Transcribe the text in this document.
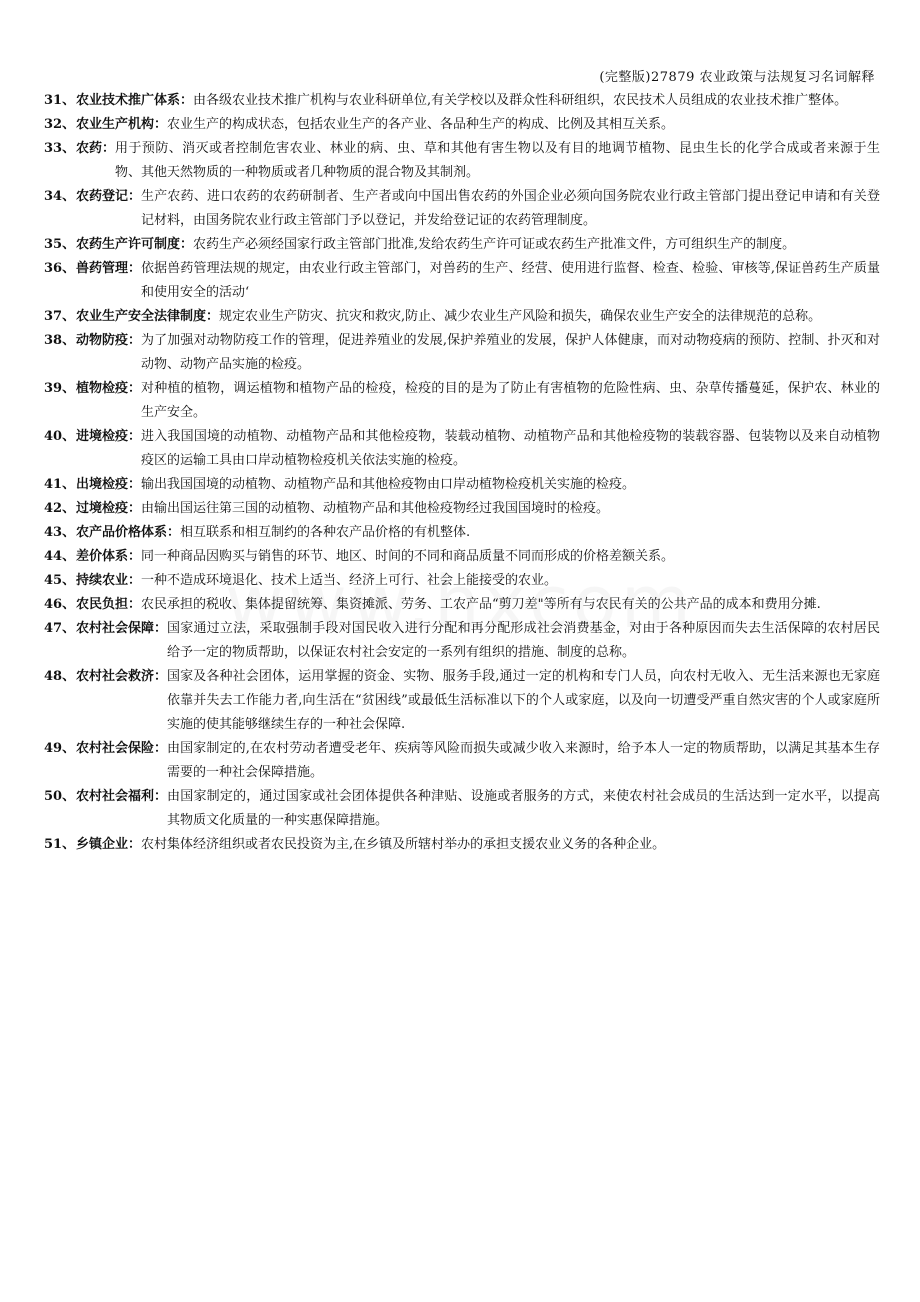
(完整版)27879 农业政策与法规复习名词解释
31、 农业技术推广体系 ： 由各级农业技术推广机构与农业科研单位,有关学校以及群众性科研组织，农民技术人员组成的农业技术推广整体。
32、 农业生产机构 ： 农业生产的构成状态，包括农业生产的各产业、各品种生产的构成、比例及其相互关系。
33、 农药 ： 用于预防、消灭或者控制危害农业、林业的病、虫、草和其他有害生物以及有目的地调节植物、昆虫生长的化学合成或者来源于生物、其他天然物质的一种物质或者几种物质的混合物及其制剂。
34、 农药登记 ： 生产农药、进口农药的农药研制者、生产者或向中国出售农药的外国企业必须向国务院农业行政主管部门提出登记申请和有关登记材料，由国务院农业行政主管部门予以登记，并发给登记证的农药管理制度。
35、 农药生产许可制度 ： 农药生产必须经国家行政主管部门批准,发给农药生产许可证或农药生产批准文件，方可组织生产的制度。
36、 兽药管理 ： 依据兽药管理法规的规定，由农业行政主管部门，对兽药的生产、经营、使用进行监督、检查、检验、审核等,保证兽药生产质量和使用安全的活动‘
37、 农业生产安全法律制度 ： 规定农业生产防灾、抗灾和救灾,防止、减少农业生产风险和损失，确保农业生产安全的法律规范的总称。
38、 动物防疫 ： 为了加强对动物防疫工作的管理，促进养殖业的发展,保护养殖业的发展，保护人体健康，而对动物疫病的预防、控制、扑灭和对动物、动物产品实施的检疫。
39、 植物检疫 ： 对种植的植物，调运植物和植物产品的检疫，检疫的目的是为了防止有害植物的危险性病、虫、杂草传播蔓延，保护农、林业的生产安全。
40、 进境检疫 ： 进入我国国境的动植物、动植物产品和其他检疫物，装载动植物、动植物产品和其他检疫物的装载容器、包装物以及来自动植物疫区的运输工具由口岸动植物检疫机关依法实施的检疫。
41、 出境检疫 ： 输出我国国境的动植物、动植物产品和其他检疫物由口岸动植物检疫机关实施的检疫。
42、 过境检疫 ： 由输出国运往第三国的动植物、动植物产品和其他检疫物经过我国国境时的检疫。
43、 农产品价格体系 ： 相互联系和相互制约的各种农产品价格的有机整体.
44、 差价体系 ： 同一种商品因购买与销售的环节、地区、时间的不同和商品质量不同而形成的价格差额关系。
45、 持续农业 ： 一种不造成环境退化、技术上适当、经济上可行、社会上能接受的农业。
46、 农民负担 ： 农民承担的税收、集体提留统筹、集资摊派、劳务、工农产品“剪刀差"等所有与农民有关的公共产品的成本和费用分摊.
47、 农村社会保障 ： 国家通过立法，采取强制手段对国民收入进行分配和再分配形成社会消费基金，对由于各种原因而失去生活保障的农村居民给予一定的物质帮助，以保证农村社会安定的一系列有组织的措施、制度的总称。
48、 农村社会救济 ： 国家及各种社会团体，运用掌握的资金、实物、服务手段,通过一定的机构和专门人员，向农村无收入、无生活来源也无家庭依靠并失去工作能力者,向生活在“贫困线”或最低生活标准以下的个人或家庭，以及向一切遭受严重自然灾害的个人或家庭所实施的使其能够继续生存的一种社会保障.
49、 农村社会保险 ： 由国家制定的,在农村劳动者遭受老年、疾病等风险而损失或减少收入来源时，给予本人一定的物质帮助，以满足其基本生存需要的一种社会保障措施。
50、 农村社会福利 ： 由国家制定的，通过国家或社会团体提供各种津贴、设施或者服务的方式，来使农村社会成员的生活达到一定水平，以提高其物质文化质量的一种实惠保障措施。
51、 乡镇企业 ： 农村集体经济组织或者农民投资为主,在乡镇及所辖村举办的承担支援农业义务的各种企业。
